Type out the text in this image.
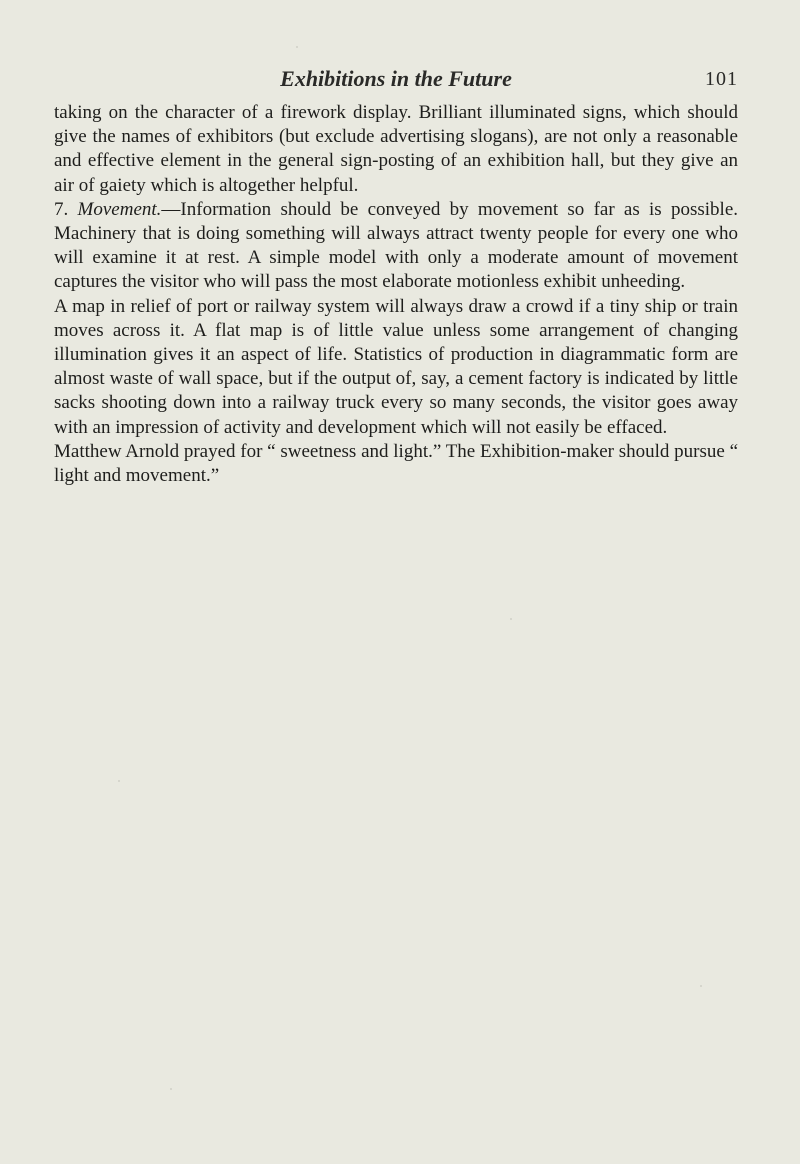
Exhibitions in the Future	101

taking on the character of a firework display. Brilliant illuminated signs, which should give the names of exhibitors (but exclude advertising slogans), are not only a reasonable and effective element in the general sign-posting of an exhibition hall, but they give an air of gaiety which is altogether helpful.

7. Movement.—Information should be conveyed by movement so far as is possible. Machinery that is doing something will always attract twenty people for every one who will examine it at rest. A simple model with only a moderate amount of movement captures the visitor who will pass the most elaborate motionless exhibit unheeding.

A map in relief of port or railway system will always draw a crowd if a tiny ship or train moves across it. A flat map is of little value unless some arrangement of changing illumination gives it an aspect of life. Statistics of production in diagrammatic form are almost waste of wall space, but if the output of, say, a cement factory is indicated by little sacks shooting down into a railway truck every so many seconds, the visitor goes away with an impression of activity and development which will not easily be effaced.

Matthew Arnold prayed for “ sweetness and light.” The Exhibition-maker should pursue “ light and movement.”
